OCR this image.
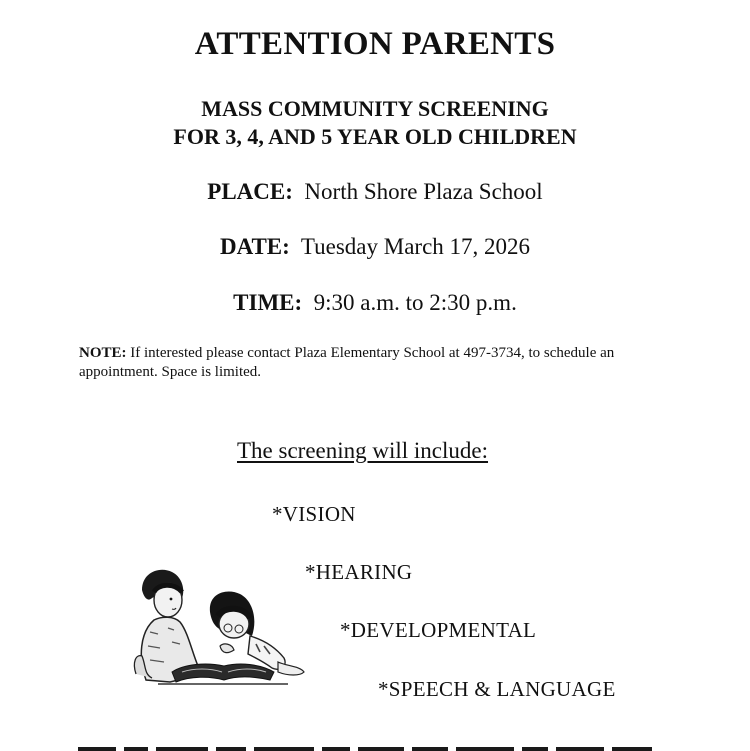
ATTENTION PARENTS
MASS COMMUNITY SCREENING
FOR 3, 4, AND 5 YEAR OLD CHILDREN
PLACE: North Shore Plaza School
DATE: Tuesday March 17, 2026
TIME: 9:30 a.m. to 2:30 p.m.
NOTE: If interested please contact Plaza Elementary School at 497-3734, to schedule an appointment. Space is limited.
The screening will include:
*VISION
*HEARING
*DEVELOPMENTAL
*SPEECH & LANGUAGE
